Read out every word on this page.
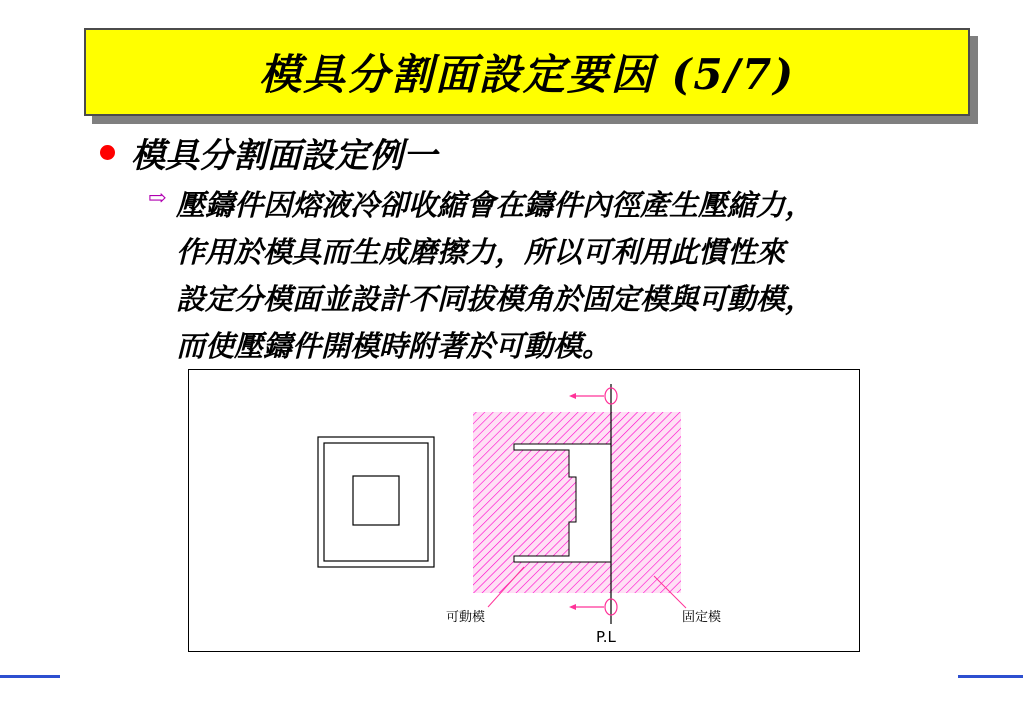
模具分割面設定要因 (5/7)
模具分割面設定例一
⇨ 壓鑄件因熔液冷卻收縮會在鑄件內徑產生壓縮力，
作用於模具而生成磨擦力，所以可利用此慣性來
設定分模面並設計不同拔模角於固定模與可動模，
而使壓鑄件開模時附著於可動模。
可動模	固定模
P.L
